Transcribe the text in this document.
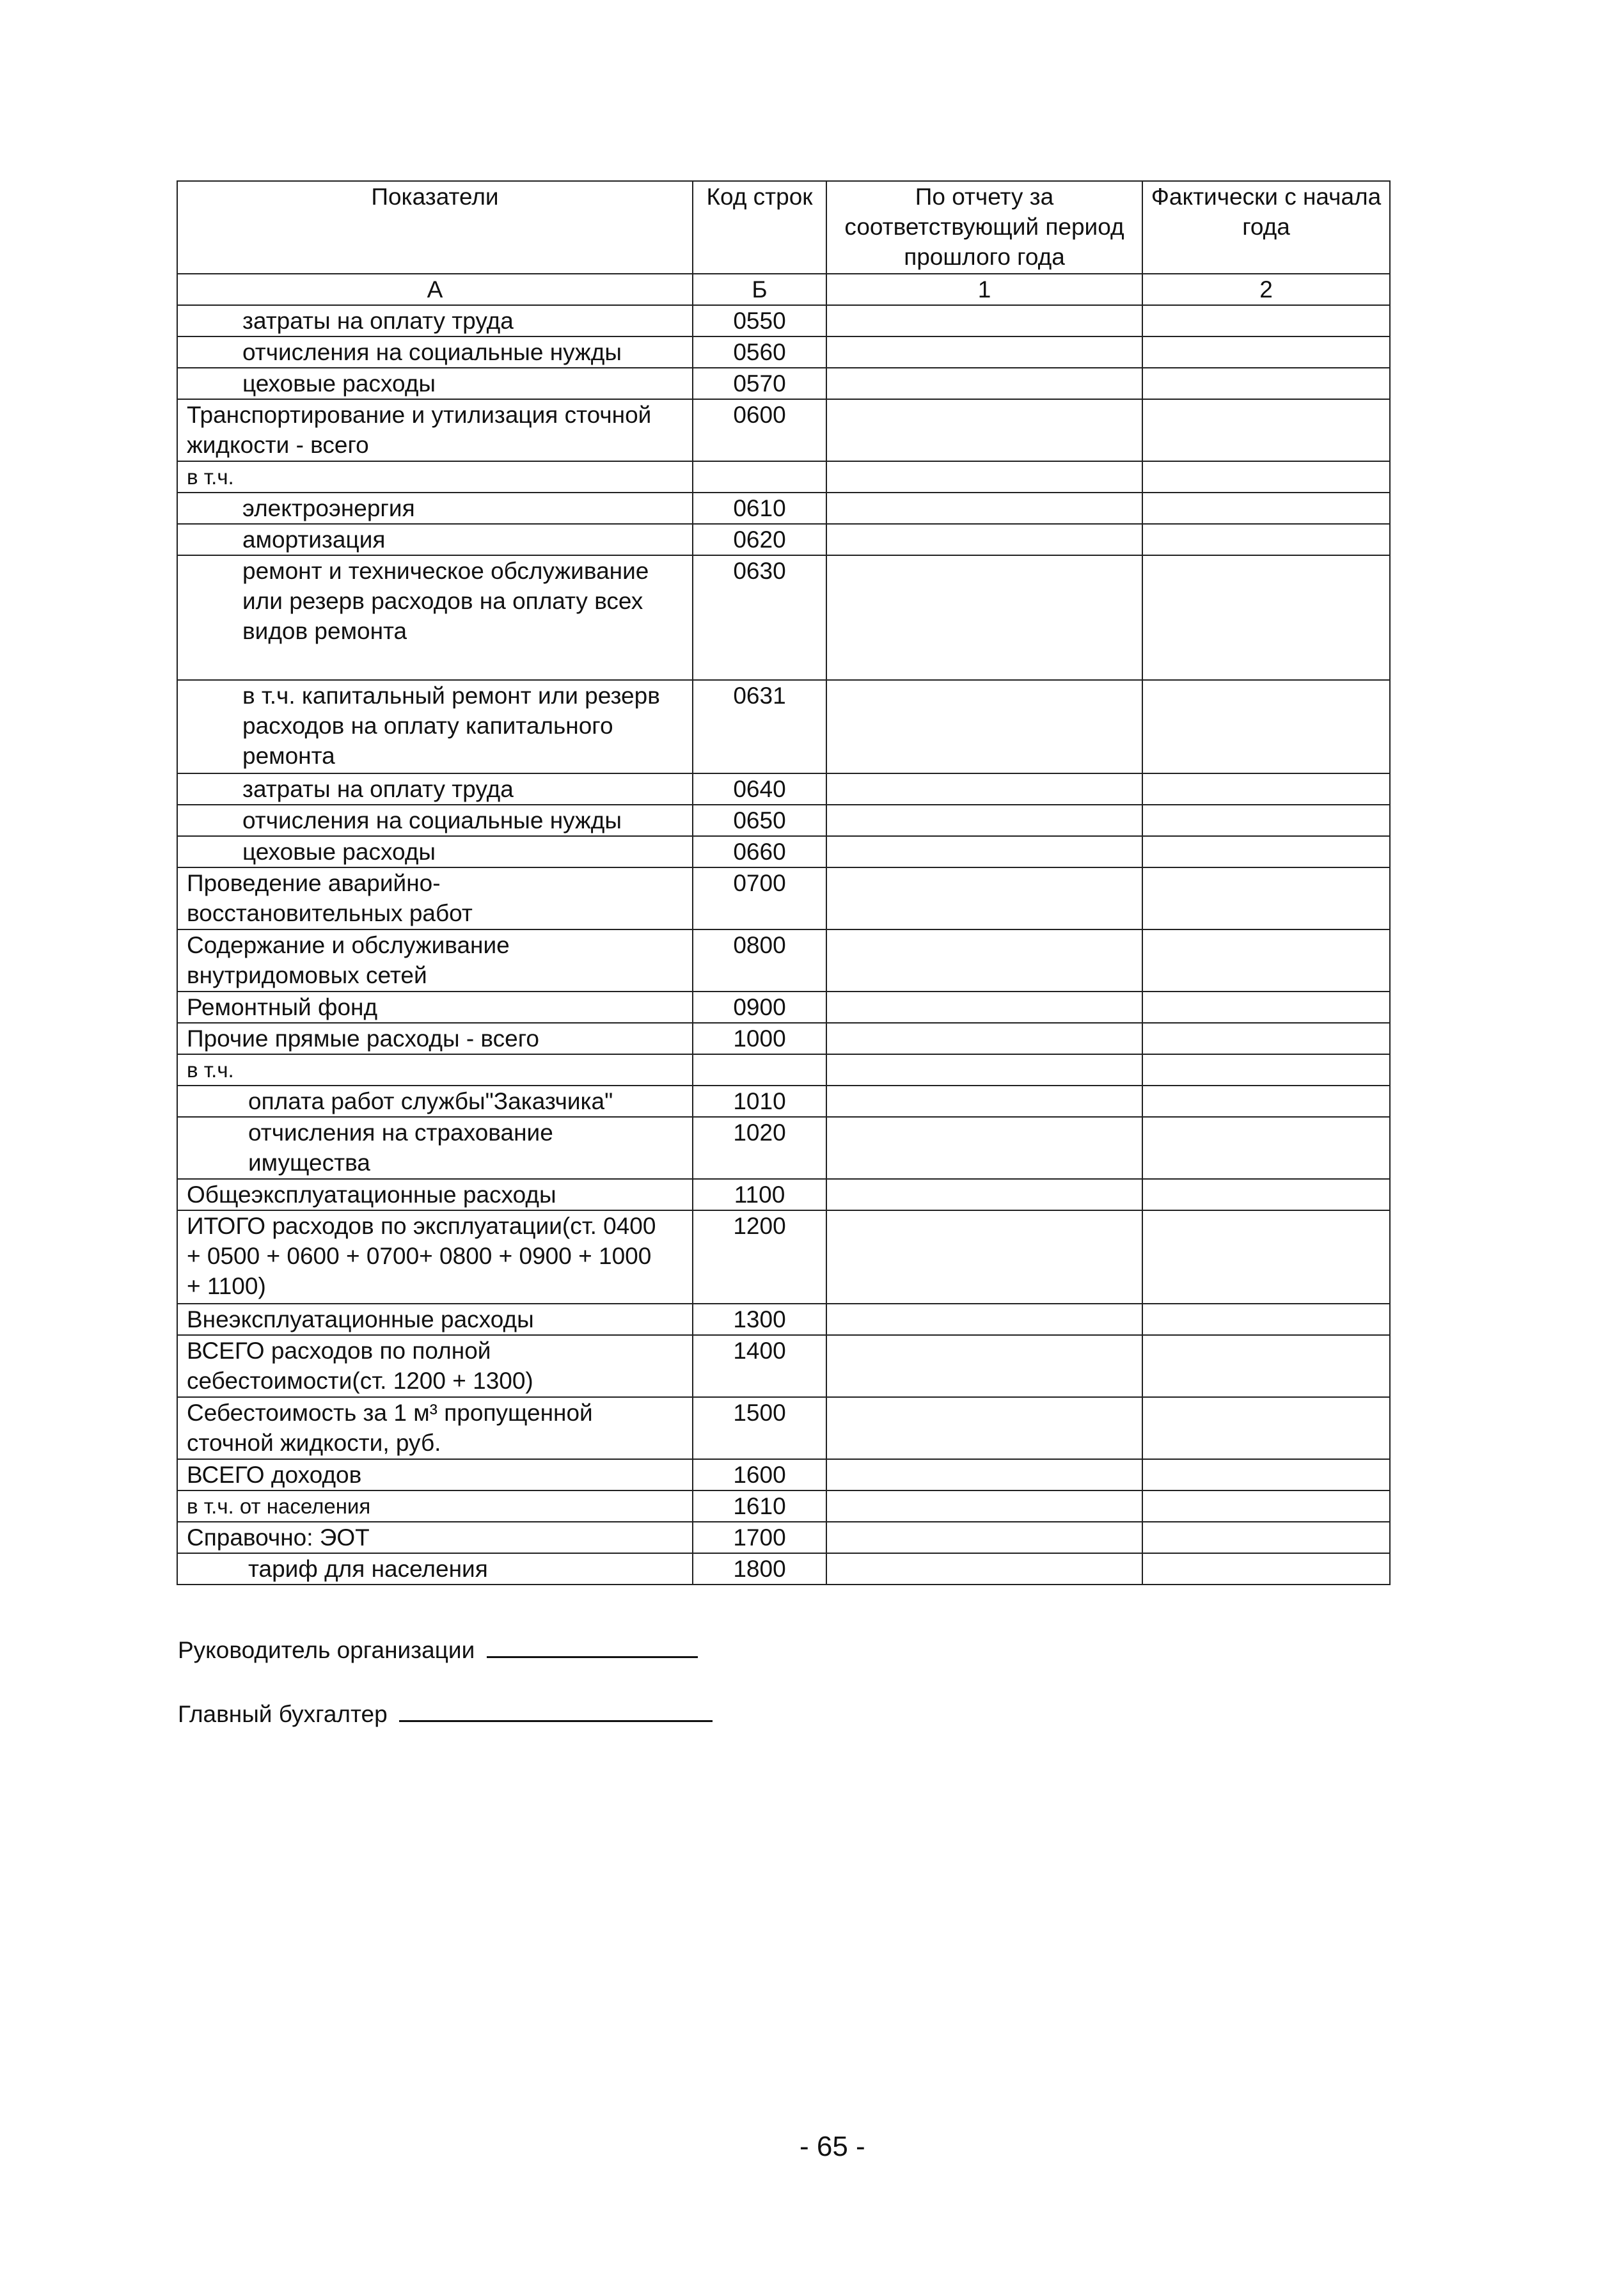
Показатели	Код строк	По отчету за соответствующий период прошлого года	Фактически с начала года
А	Б	1	2
затраты на оплату труда	0550		
отчисления на социальные нужды	0560		
цеховые расходы	0570		
Транспортирование и утилизация сточной жидкости - всего	0600		
в т.ч.			
электроэнергия	0610		
амортизация	0620		
ремонт и техническое обслуживание или резерв расходов на оплату всех видов ремонта	0630		
в т.ч. капитальный ремонт или резерв расходов на оплату капитального ремонта	0631		
затраты на оплату труда	0640		
отчисления на социальные нужды	0650		
цеховые расходы	0660		
Проведение аварийно-восстановительных работ	0700		
Содержание и обслуживание внутридомовых сетей	0800		
Ремонтный фонд	0900		
Прочие прямые расходы - всего	1000		
в т.ч.			
оплата работ службы"Заказчика"	1010		
отчисления на страхование имущества	1020		
Общеэксплуатационные расходы	1100		
ИТОГО расходов по эксплуатации(ст. 0400 + 0500 + 0600 + 0700+ 0800 + 0900 + 1000 + 1100)	1200		
Внеэксплуатационные расходы	1300		
ВСЕГО расходов по полной себестоимости(ст. 1200 + 1300)	1400		
Себестоимость за 1 м³ пропущенной сточной жидкости, руб.	1500		
ВСЕГО доходов	1600		
в т.ч. от населения	1610		
Справочно: ЭОТ	1700		
тариф для населения	1800		
Руководитель организации
Главный бухгалтер
- 65 -
